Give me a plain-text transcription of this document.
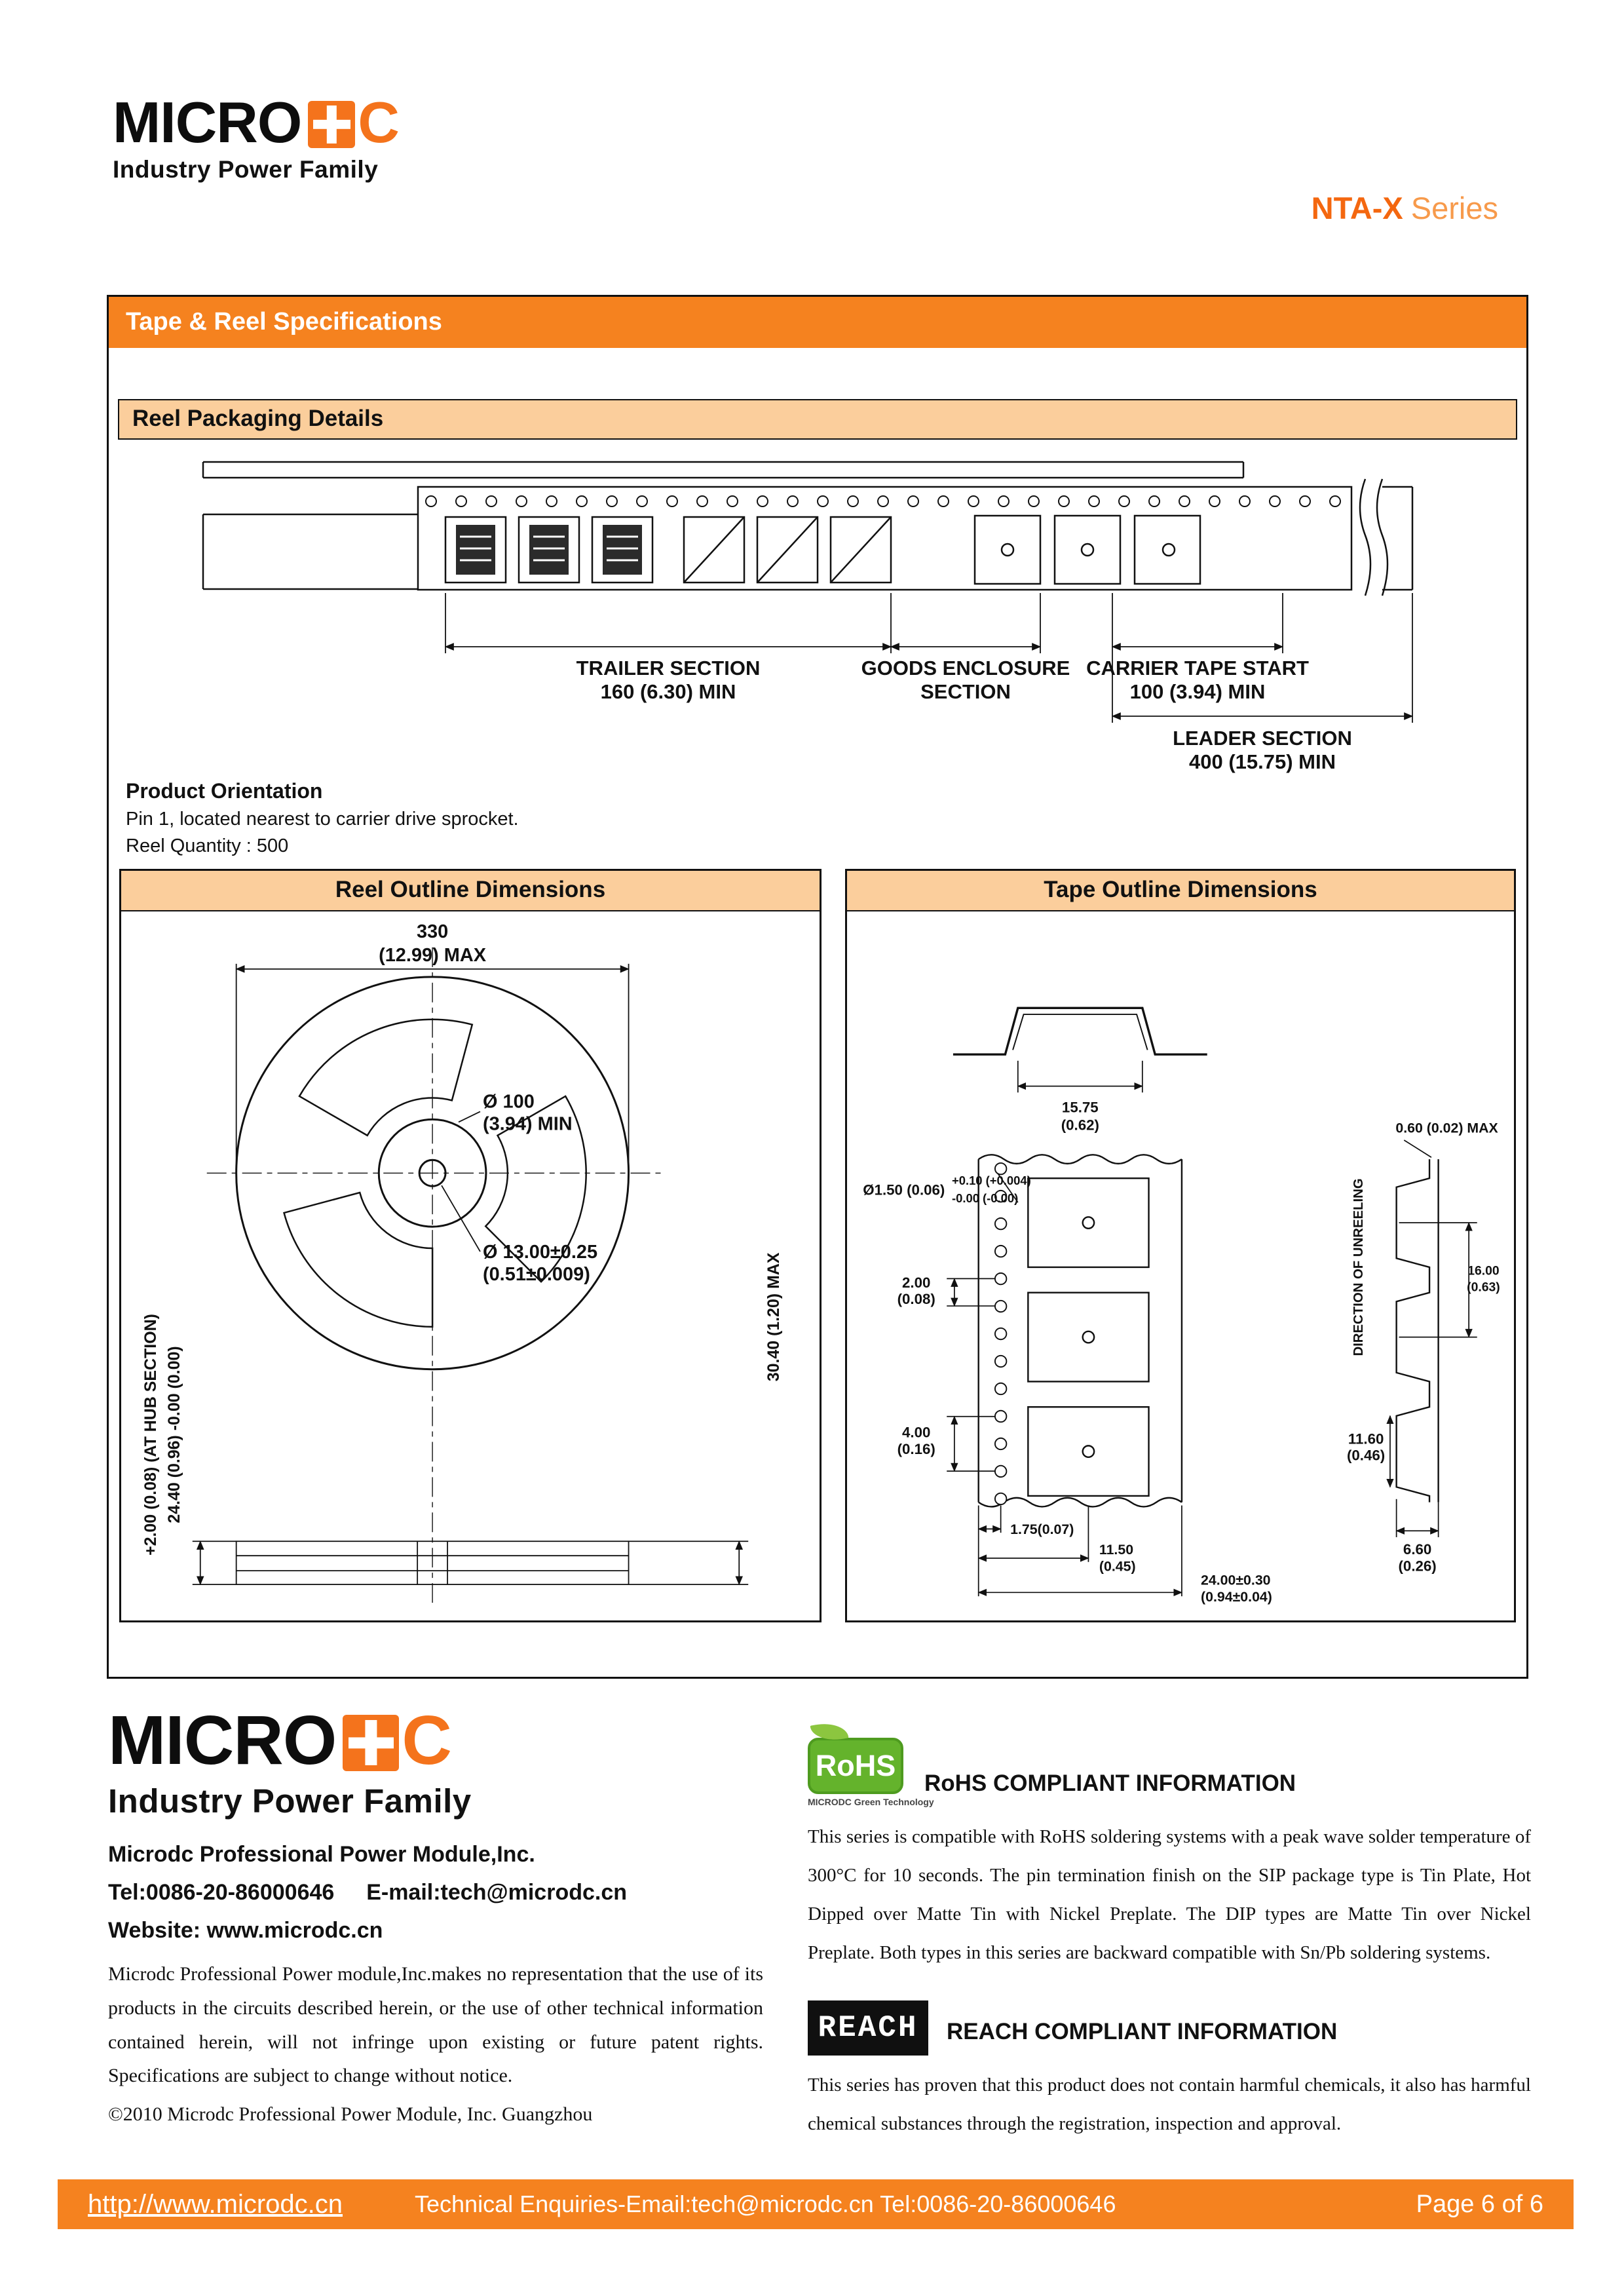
MICRO C
Industry Power Family
NTA-X Series
Tape & Reel Specifications
Reel Packaging Details
TRAILER SECTION
160 (6.30) MIN
GOODS ENCLOSURE
SECTION
CARRIER TAPE START
100 (3.94) MIN
LEADER SECTION
400 (15.75) MIN
Product Orientation
Pin 1, located nearest to carrier drive sprocket.
Reel Quantity : 500
Reel Outline Dimensions
330
(12.99) MAX
Ø 100
(3.94) MIN
Ø 13.00±0.25
(0.51±0.009)
+2.00 (0.08) (AT HUB SECTION) 24.40 (0.96) -0.00 (0.00)
30.40 (1.20) MAX
Tape Outline Dimensions
15.75
(0.62)
Ø1.50 (0.06)
+0.10 (+0.004)
-0.00 (-0.00)
2.00
(0.08)
4.00
(0.16)
1.75(0.07)
11.50
(0.45)
24.00±0.30
(0.94±0.04)
0.60 (0.02) MAX
16.00
(0.63)
DIRECTION OF UNREELING
11.60
(0.46)
6.60
(0.26)
MICRO C
Industry Power Family
Microdc Professional Power Module,Inc.
Tel:0086-20-86000646 E-mail:tech@microdc.cn
Website: www.microdc.cn
Microdc Professional Power module,Inc.makes no representation that the use of its products in the circuits described herein, or the use of other technical information contained herein, will not infringe upon existing or future patent rights. Specifications are subject to change without notice.
©2010 Microdc Professional Power Module, Inc. Guangzhou
RoHS
MICRODC Green Technology
RoHS COMPLIANT INFORMATION
This series is compatible with RoHS soldering systems with a peak wave solder temperature of 300°C for 10 seconds. The pin termination finish on the SIP package type is Tin Plate, Hot Dipped over Matte Tin with Nickel Preplate. The DIP types are Matte Tin over Nickel Preplate. Both types in this series are backward compatible with Sn/Pb soldering systems.
REACH	REACH COMPLIANT INFORMATION
This series has proven that this product does not contain harmful chemicals, it also has harmful chemical substances through the registration, inspection and approval.
http://www.microdc.cn	Technical Enquiries-Email:tech@microdc.cn Tel:0086-20-86000646	Page 6 of 6
